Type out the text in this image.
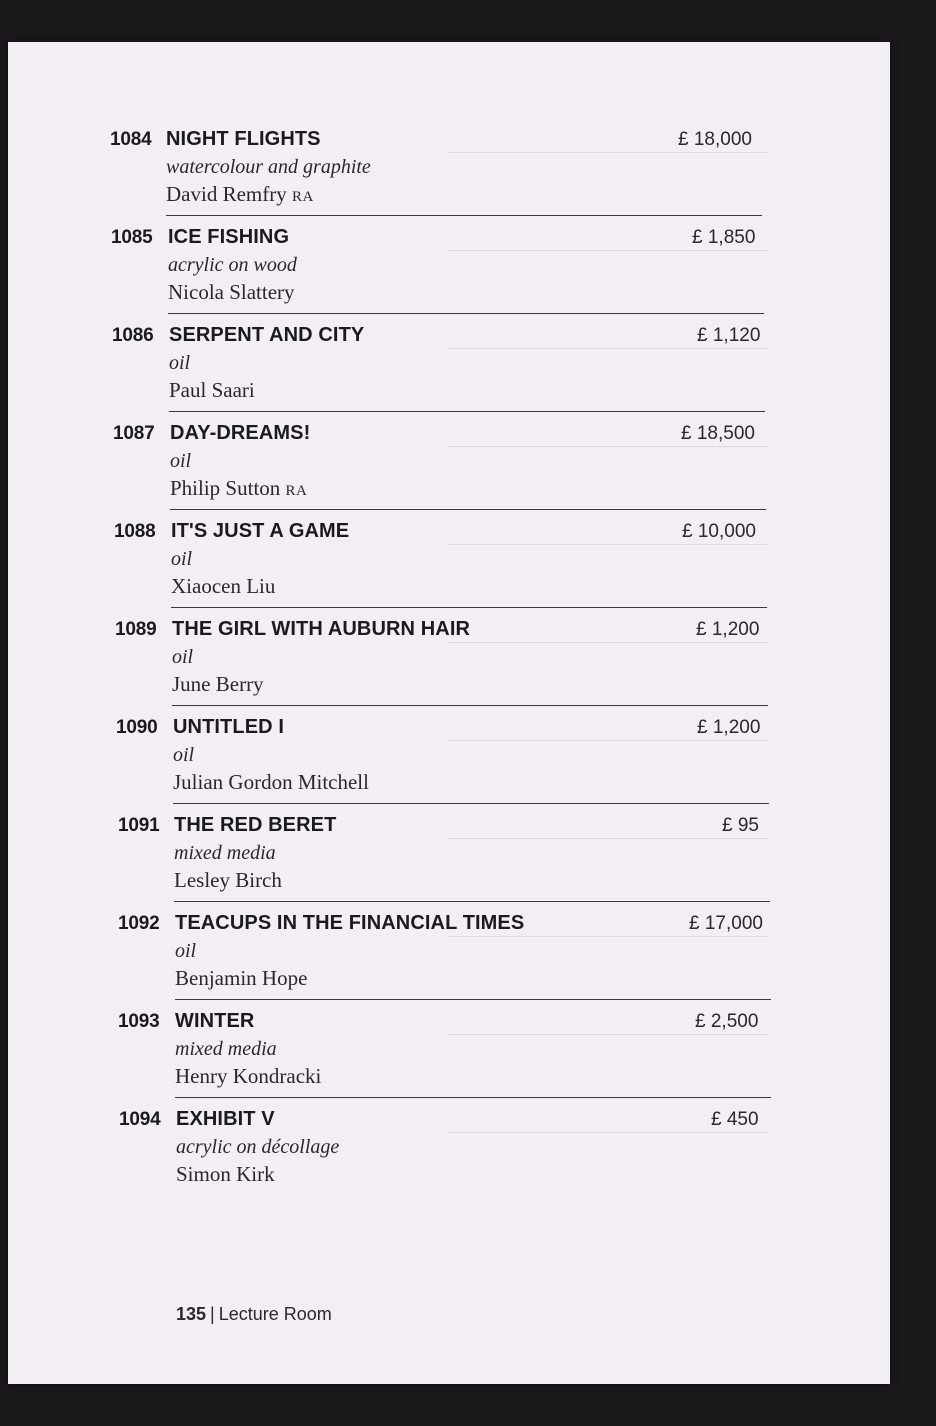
1084 NIGHT FLIGHTS
watercolour and graphite
David Remfry RA
£ 18,000
1085 ICE FISHING
acrylic on wood
Nicola Slattery
£ 1,850
1086 SERPENT AND CITY
oil
Paul Saari
£ 1,120
1087 DAY-DREAMS!
oil
Philip Sutton RA
£ 18,500
1088 IT'S JUST A GAME
oil
Xiaocen Liu
£ 10,000
1089 THE GIRL WITH AUBURN HAIR
oil
June Berry
£ 1,200
1090 UNTITLED I
oil
Julian Gordon Mitchell
£ 1,200
1091 THE RED BERET
mixed media
Lesley Birch
£ 95
1092 TEACUPS IN THE FINANCIAL TIMES
oil
Benjamin Hope
£ 17,000
1093 WINTER
mixed media
Henry Kondracki
£ 2,500
1094 EXHIBIT V
acrylic on décollage
Simon Kirk
£ 450
135 | Lecture Room
